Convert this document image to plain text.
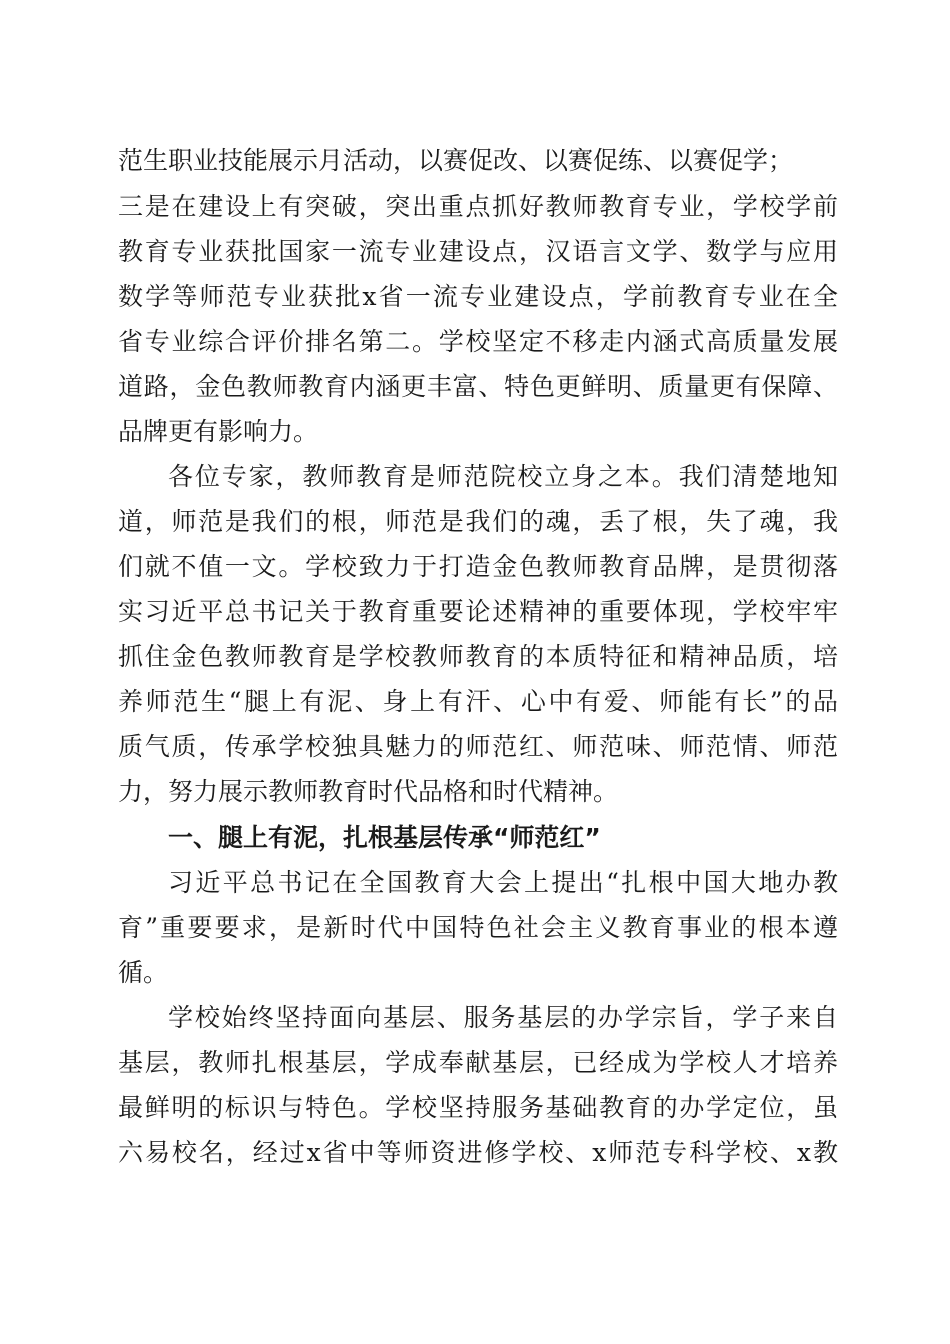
范生职业技能展示月活动，以赛促改、以赛促练、以赛促学；
三是在建设上有突破，突出重点抓好教师教育专业，学校学前
教育专业获批国家一流专业建设点，汉语言文学、数学与应用
数学等师范专业获批x省一流专业建设点，学前教育专业在全
省专业综合评价排名第二。学校坚定不移走内涵式高质量发展
道路，金色教师教育内涵更丰富、特色更鲜明、质量更有保障、
品牌更有影响力。
各位专家，教师教育是师范院校立身之本。我们清楚地知
道，师范是我们的根，师范是我们的魂，丢了根，失了魂，我
们就不值一文。学校致力于打造金色教师教育品牌，是贯彻落
实习近平总书记关于教育重要论述精神的重要体现，学校牢牢
抓住金色教师教育是学校教师教育的本质特征和精神品质，培
养师范生“腿上有泥、身上有汗、心中有爱、师能有长”的品
质气质，传承学校独具魅力的师范红、师范味、师范情、师范
力，努力展示教师教育时代品格和时代精神。
一、腿上有泥，扎根基层传承“师范红”
习近平总书记在全国教育大会上提出“扎根中国大地办教
育”重要要求，是新时代中国特色社会主义教育事业的根本遵
循。
学校始终坚持面向基层、服务基层的办学宗旨，学子来自
基层，教师扎根基层，学成奉献基层，已经成为学校人才培养
最鲜明的标识与特色。学校坚持服务基础教育的办学定位，虽
六易校名，经过x省中等师资进修学校、x师范专科学校、x教
